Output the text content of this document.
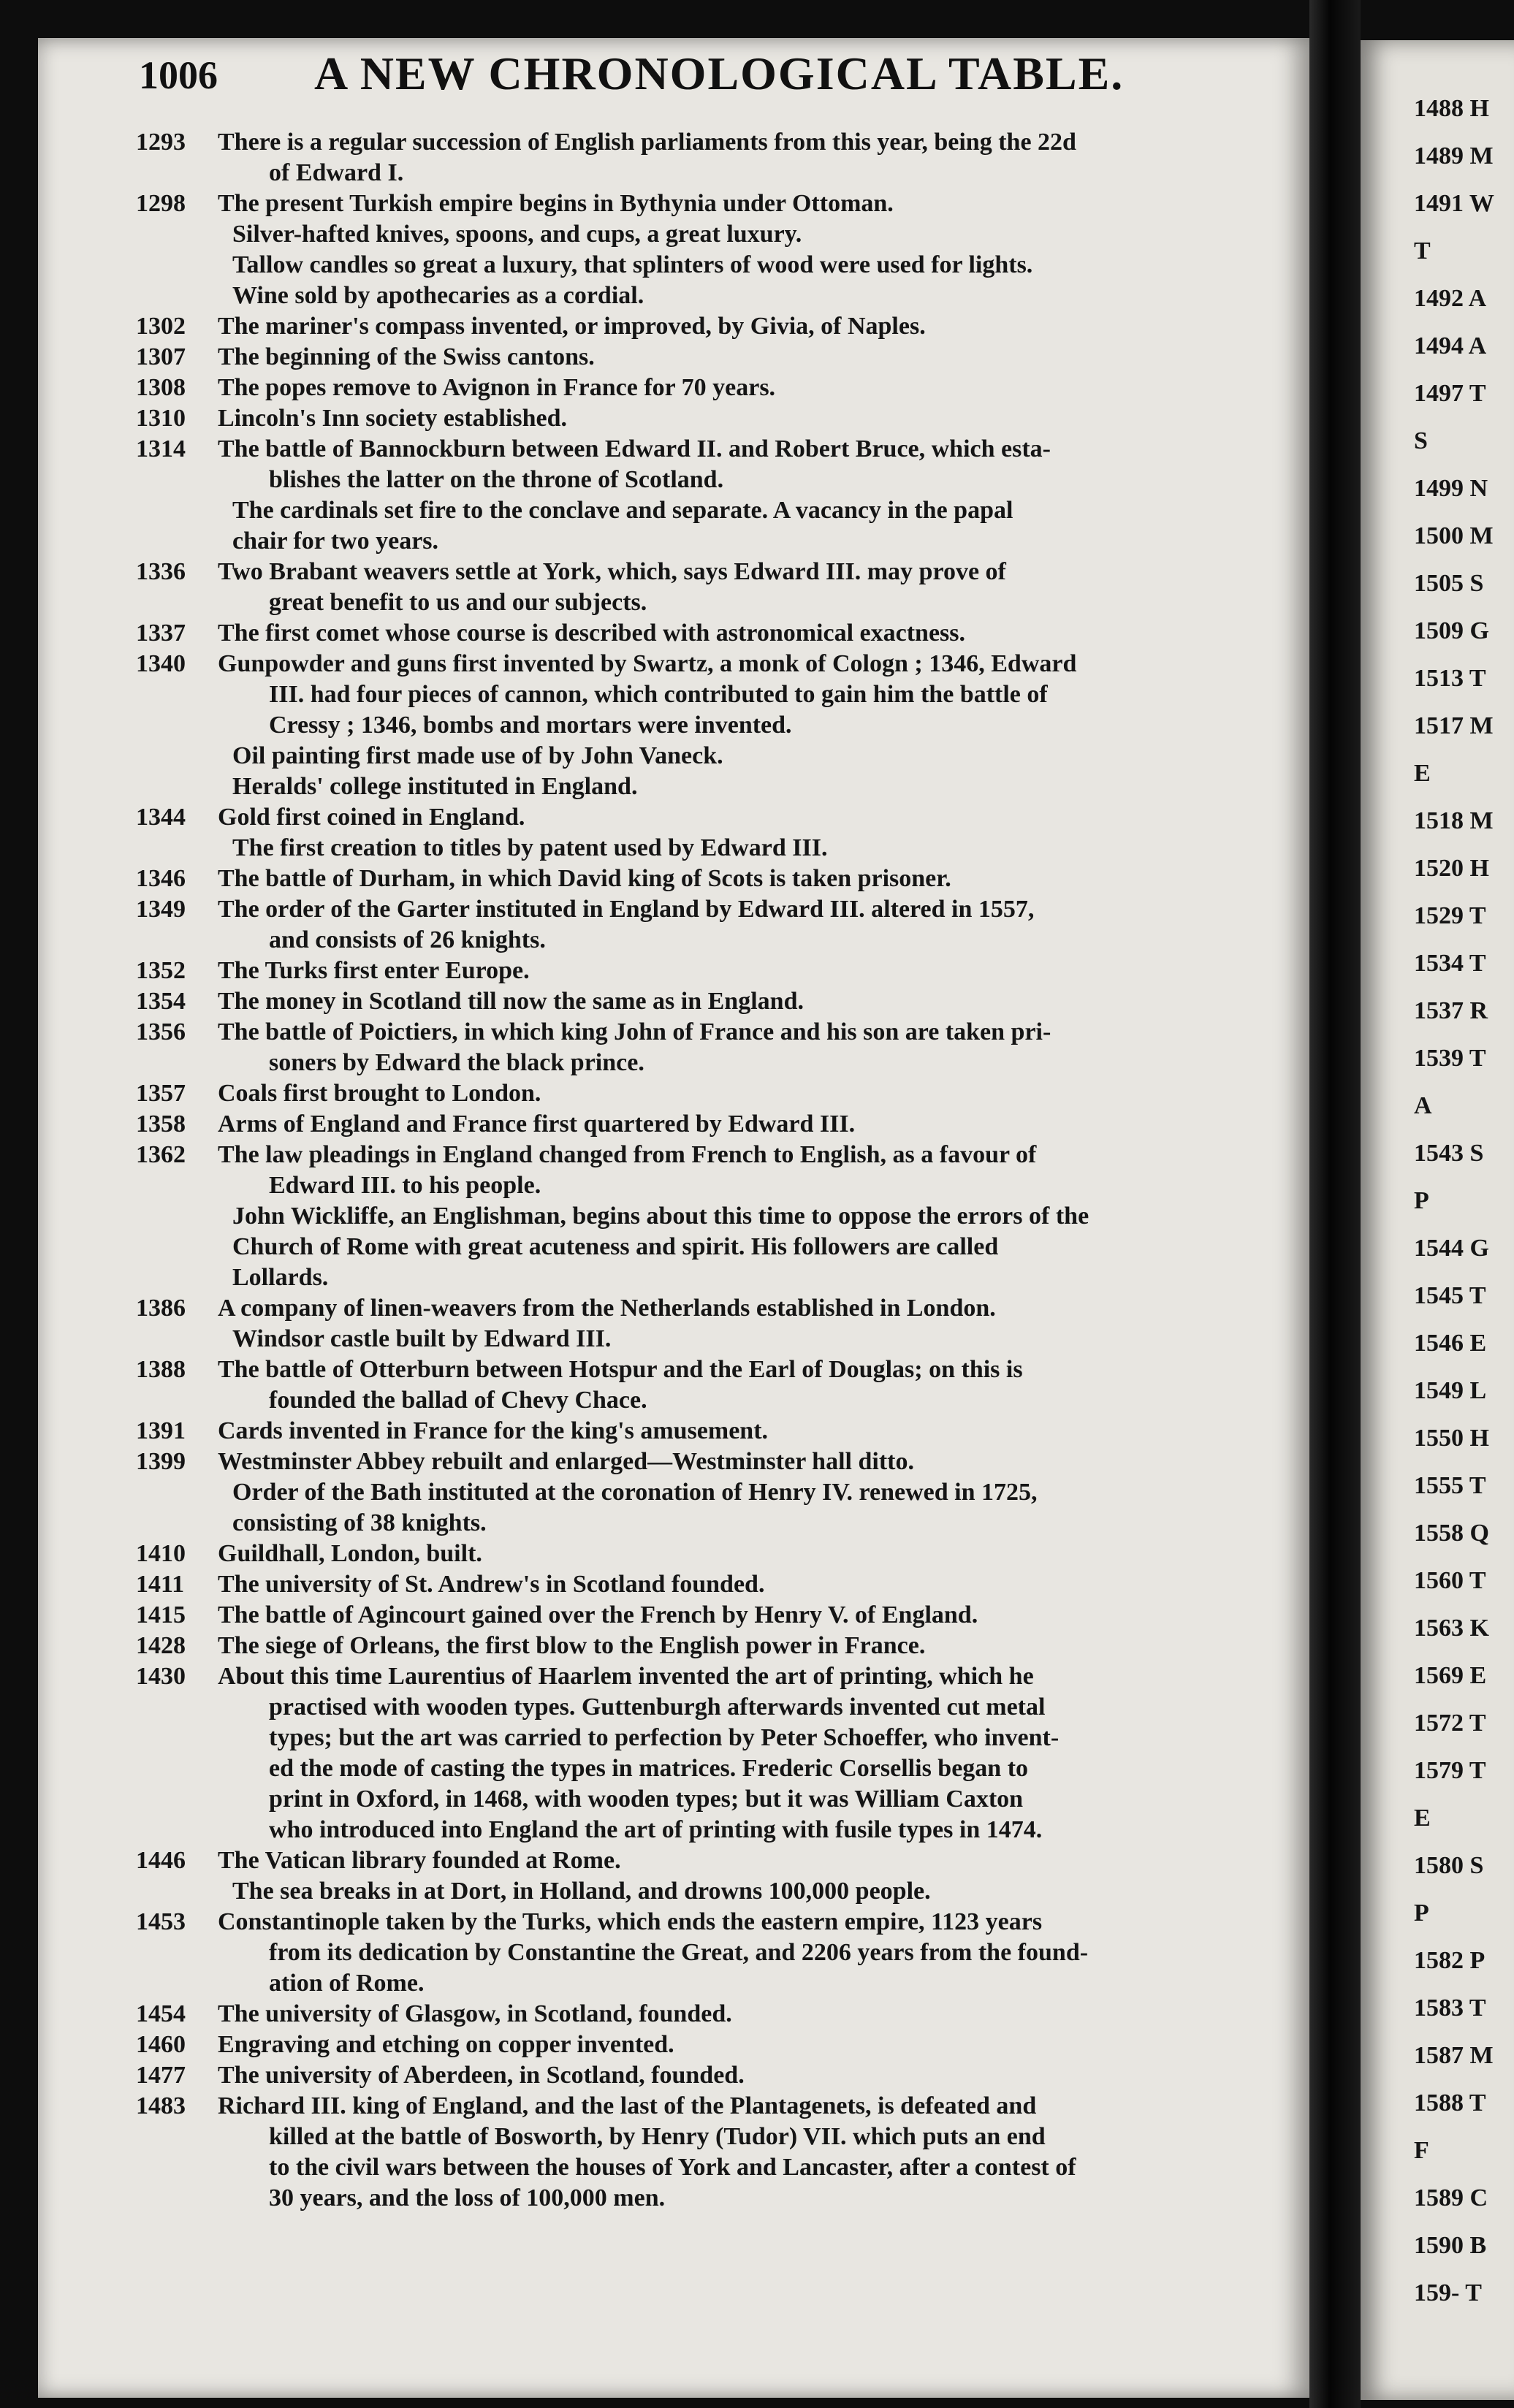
1006 A NEW CHRONOLOGICAL TABLE.
1293	There is a regular succession of English parliaments from this year, being the 22d
of Edward I.
1298	The present Turkish empire begins in Bythynia under Ottoman.
Silver-hafted knives, spoons, and cups, a great luxury.
Tallow candles so great a luxury, that splinters of wood were used for lights.
Wine sold by apothecaries as a cordial.
1302	The mariner's compass invented, or improved, by Givia, of Naples.
1307	The beginning of the Swiss cantons.
1308	The popes remove to Avignon in France for 70 years.
1310	Lincoln's Inn society established.
1314	The battle of Bannockburn between Edward II. and Robert Bruce, which esta-
blishes the latter on the throne of Scotland.
The cardinals set fire to the conclave and separate. A vacancy in the papal
chair for two years.
1336	Two Brabant weavers settle at York, which, says Edward III. may prove of
great benefit to us and our subjects.
1337	The first comet whose course is described with astronomical exactness.
1340	Gunpowder and guns first invented by Swartz, a monk of Cologn ; 1346, Edward
III. had four pieces of cannon, which contributed to gain him the battle of
Cressy ; 1346, bombs and mortars were invented.
Oil painting first made use of by John Vaneck.
Heralds' college instituted in England.
1344	Gold first coined in England.
The first creation to titles by patent used by Edward III.
1346	The battle of Durham, in which David king of Scots is taken prisoner.
1349	The order of the Garter instituted in England by Edward III. altered in 1557,
and consists of 26 knights.
1352	The Turks first enter Europe.
1354	The money in Scotland till now the same as in England.
1356	The battle of Poictiers, in which king John of France and his son are taken pri-
soners by Edward the black prince.
1357	Coals first brought to London.
1358	Arms of England and France first quartered by Edward III.
1362	The law pleadings in England changed from French to English, as a favour of
Edward III. to his people.
John Wickliffe, an Englishman, begins about this time to oppose the errors of the
Church of Rome with great acuteness and spirit. His followers are called
Lollards.
1386	A company of linen-weavers from the Netherlands established in London.
Windsor castle built by Edward III.
1388	The battle of Otterburn between Hotspur and the Earl of Douglas; on this is
founded the ballad of Chevy Chace.
1391	Cards invented in France for the king's amusement.
1399	Westminster Abbey rebuilt and enlarged—Westminster hall ditto.
Order of the Bath instituted at the coronation of Henry IV. renewed in 1725,
consisting of 38 knights.
1410	Guildhall, London, built.
1411	The university of St. Andrew's in Scotland founded.
1415	The battle of Agincourt gained over the French by Henry V. of England.
1428	The siege of Orleans, the first blow to the English power in France.
1430	About this time Laurentius of Haarlem invented the art of printing, which he
practised with wooden types. Guttenburgh afterwards invented cut metal
types; but the art was carried to perfection by Peter Schoeffer, who invent-
ed the mode of casting the types in matrices. Frederic Corsellis began to
print in Oxford, in 1468, with wooden types; but it was William Caxton
who introduced into England the art of printing with fusile types in 1474.
1446	The Vatican library founded at Rome.
The sea breaks in at Dort, in Holland, and drowns 100,000 people.
1453	Constantinople taken by the Turks, which ends the eastern empire, 1123 years
from its dedication by Constantine the Great, and 2206 years from the found-
ation of Rome.
1454	The university of Glasgow, in Scotland, founded.
1460	Engraving and etching on copper invented.
1477	The university of Aberdeen, in Scotland, founded.
1483	Richard III. king of England, and the last of the Plantagenets, is defeated and
killed at the battle of Bosworth, by Henry (Tudor) VII. which puts an end
to the civil wars between the houses of York and Lancaster, after a contest of
30 years, and the loss of 100,000 men.
1488 H
1489 M
1491 W
T
1492 A
1494 A
1497 T
S
1499 N
1500 M
1505 S
1509 G
1513 T
1517 M
E
1518 M
1520 H
1529 T
1534 T
1537 R
1539 T
A
1543 S
P
1544 G
1545 T
1546 E
1549 L
1550 H
1555 T
1558 Q
1560 T
1563 K
1569 E
1572 T
1579 T
E
1580 S
P
1582 P
1583 T
1587 M
1588 T
F
1589 C
1590 B
159- T
